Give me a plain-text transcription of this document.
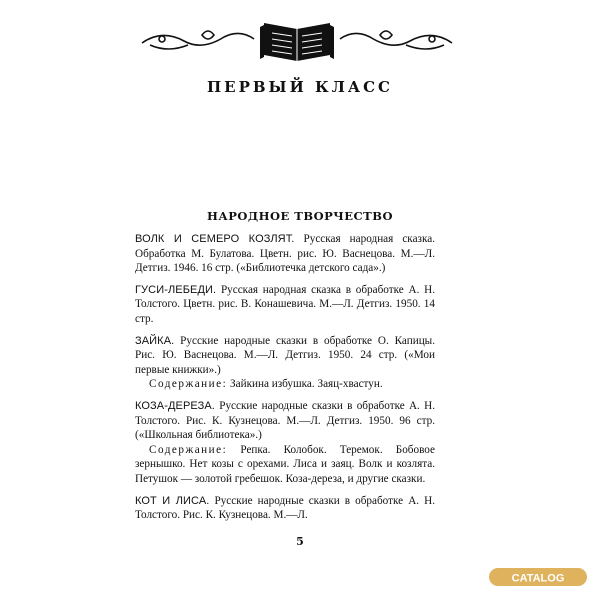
ПЕРВЫЙ КЛАСС
НАРОДНОЕ ТВОРЧЕСТВО
ВОЛК И СЕМЕРО КОЗЛЯТ. Русская народная сказка. Обработка М. Булатова. Цветн. рис. Ю. Васнецова. М.—Л. Детгиз. 1946. 16 стр. («Библиотечка детского сада».)
ГУСИ-ЛЕБЕДИ. Русская народная сказка в обработке А. Н. Толстого. Цветн. рис. В. Конашевича. М.—Л. Детгиз. 1950. 14 стр.
ЗАЙКА. Русские народные сказки в обработке О. Капицы. Рис. Ю. Васнецова. М.—Л. Детгиз. 1950. 24 стр. («Мои первые книжки».)
Содержание: Зайкина избушка. Заяц-хвастун.
КОЗА-ДЕРЕЗА. Русские народные сказки в обработке А. Н. Толстого. Рис. К. Кузнецова. М.—Л. Детгиз. 1950. 96 стр. («Школьная библиотека».)
Содержание: Репка. Колобок. Теремок. Бобовое зернышко. Нет козы с орехами. Лиса и заяц. Волк и козлята. Петушок — золотой гребешок. Коза-дереза, и другие сказки.
КОТ И ЛИСА. Русские народные сказки в обработке А. Н. Толстого. Рис. К. Кузнецова. М.—Л.
5
CATALOG
